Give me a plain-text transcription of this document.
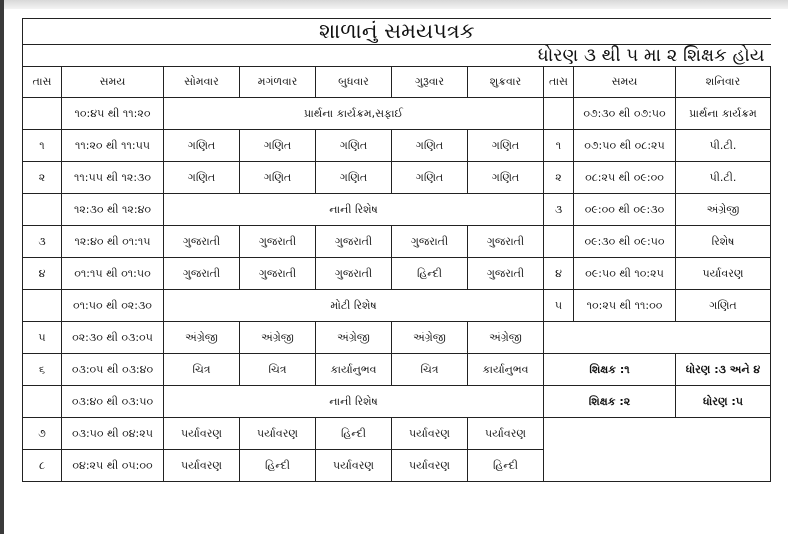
શાળાનું સમયપત્રક									
ધોરણ ૩ થી ૫ મા ૨ શિક્ષક હોય									
તાસ	સમય	સોમવાર	મગંળવાર	બુધવાર	ગુરૂવાર	શુક્રવાર	તાસ	સમય	શનિવાર
	૧૦:૪૫ થી ૧૧:૨૦	પ્રાર્થના કાર્યક્રમ,સફાઈ						૦૭:૩૦ થી ૦૭:૫૦	પ્રાર્થના કાર્યક્રમ
૧	૧૧:૨૦ થી ૧૧:૫૫	ગણિત	ગણિત	ગણિત	ગણિત	ગણિત	૧	૦૭:૫૦ થી ૦૮:૨૫	પી.ટી.
૨	૧૧:૫૫ થી ૧૨:૩૦	ગણિત	ગણિત	ગણિત	ગણિત	ગણિત	૨	૦૮:૨૫ થી ૦૯:૦૦	પી.ટી.
	૧૨:૩૦ થી ૧૨:૪૦	નાની રિશેષ					૩	૦૯:૦૦ થી ૦૯:૩૦	અંગ્રેજી
૩	૧૨:૪૦ થી ૦૧:૧૫	ગુજરાતી	ગુજરાતી	ગુજરાતી	ગુજરાતી	ગુજરાતી		૦૯:૩૦ થી ૦૯:૫૦	રિશેષ
૪	૦૧:૧૫ થી ૦૧:૫૦	ગુજરાતી	ગુજરાતી	ગુજરાતી	હિન્દી	ગુજરાતી	૪	૦૯:૫૦ થી ૧૦:૨૫	પર્યાવરણ
	૦૧:૫૦ થી ૦૨:૩૦	મોટી રિશેષ					૫	૧૦:૨૫ થી ૧૧:૦૦	ગણિત
૫	૦૨:૩૦ થી ૦૩:૦૫	અંગ્રેજી	અંગ્રેજી	અંગ્રેજી	અંગ્રેજી	અંગ્રેજી			
૬	૦૩:૦૫ થી ૦૩:૪૦	ચિત્ર	ચિત્ર	કાર્યાનુભવ	ચિત્ર	કાર્યાનુભવ	શિક્ષક :૧		ધોરણ :૩ અને ૪
	૦૩:૪૦ થી ૦૩:૫૦	નાની રિશેષ					શિક્ષક :૨		ધોરણ :૫
૭	૦૩:૫૦ થી ૦૪:૨૫	પર્યાવરણ	પર્યાવરણ	હિન્દી	પર્યાવરણ	પર્યાવરણ			
૮	૦૪:૨૫ થી ૦૫:૦૦	પર્યાવરણ	હિન્દી	પર્યાવરણ	પર્યાવરણ	હિન્દી			
